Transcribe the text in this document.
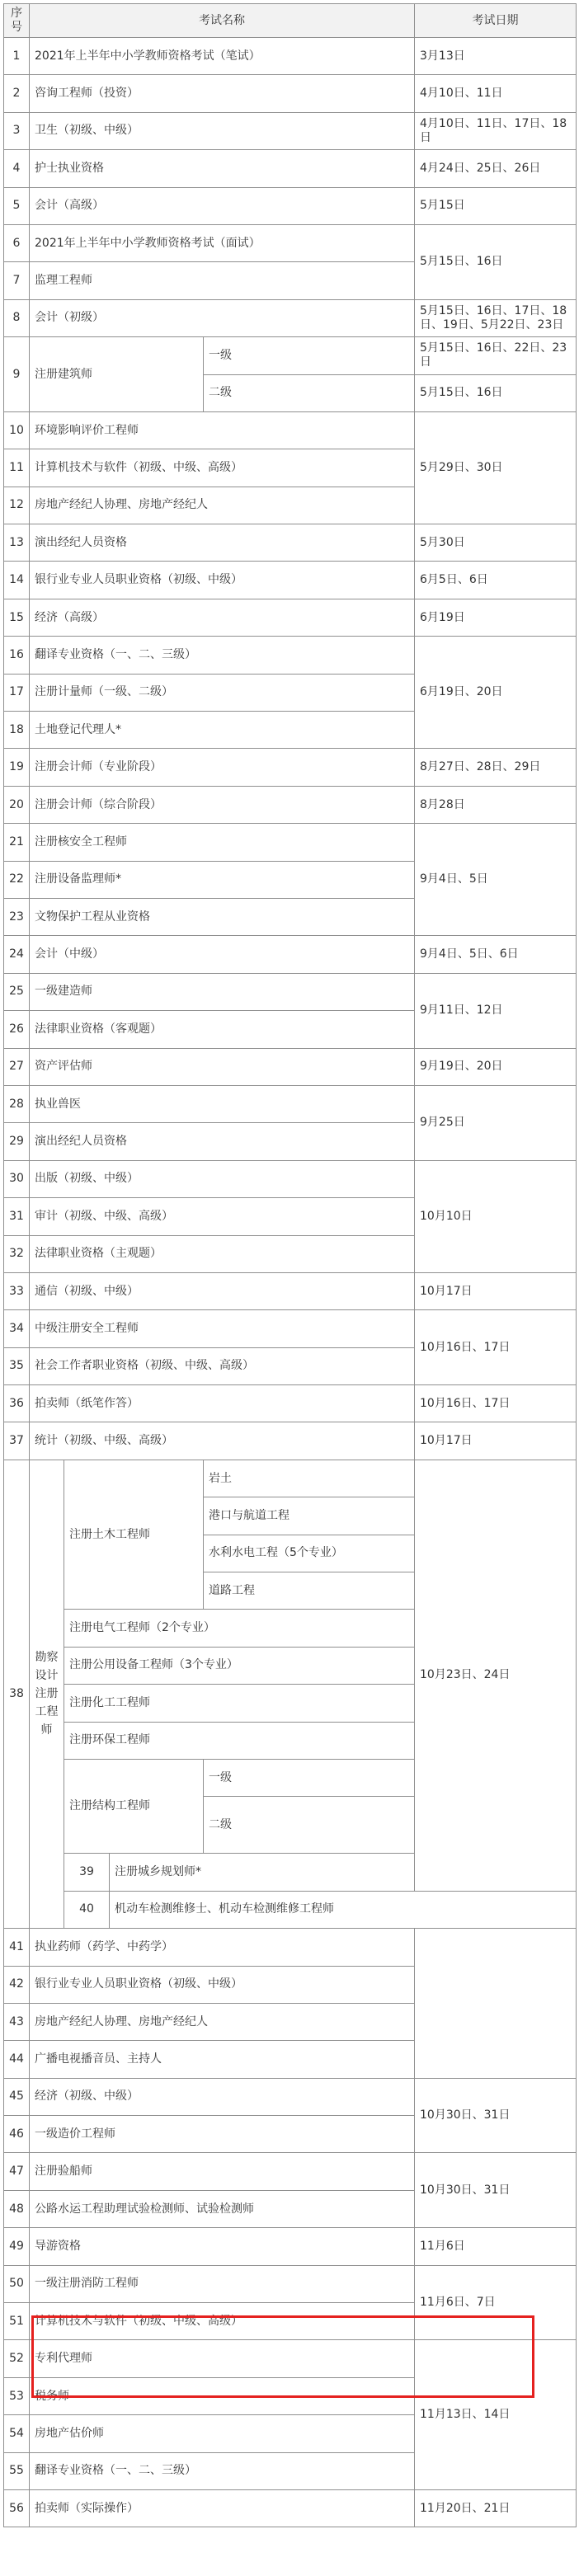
序号	考试名称				考试日期	
1	2021年上半年中小学教师资格考试（笔试）				3月13日	
2	咨询工程师（投资）				4月10日、11日	
3	卫生（初级、中级）				4月10日、11日、17日、18日	
4	护士执业资格				4月24日、25日、26日	
5	会计（高级）				5月15日	
6	2021年上半年中小学教师资格考试（面试）				5月15日、16日	
7	监理工程师					
8	会计（初级）				5月15日、16日、17日、18日、19日、5月22日、23日	
9	注册建筑师			一级	5月15日、16日、22日、23日	
				二级	5月15日、16日	
10	环境影响评价工程师				5月29日、30日	
11	计算机技术与软件（初级、中级、高级）					
12	房地产经纪人协理、房地产经纪人					
13	演出经纪人员资格				5月30日	
14	银行业专业人员职业资格（初级、中级）				6月5日、6日	
15	经济（高级）				6月19日	
16	翻译专业资格（一、二、三级）				6月19日、20日	
17	注册计量师（一级、二级）					
18	土地登记代理人*					
19	注册会计师（专业阶段）				8月27日、28日、29日	
20	注册会计师（综合阶段）				8月28日	
21	注册核安全工程师				9月4日、5日	
22	注册设备监理师*					
23	文物保护工程从业资格					
24	会计（中级）				9月4日、5日、6日	
25	一级建造师				9月11日、12日	
26	法律职业资格（客观题）					
27	资产评估师				9月19日、20日	
28	执业兽医				9月25日	
29	演出经纪人员资格					
30	出版（初级、中级）				10月10日	
31	审计（初级、中级、高级）					
32	法律职业资格（主观题）					
33	通信（初级、中级）				10月17日	
34	中级注册安全工程师				10月16日、17日	
35	社会工作者职业资格（初级、中级、高级）					
36	拍卖师（纸笔作答）				10月16日、17日	
37	统计（初级、中级、高级）				10月17日	
38	勘察设计注册工程师	注册土木工程师		岩土	10月23日、24日	
				港口与航道工程		
				水利水电工程（5个专业）		
				道路工程		
		注册电气工程师（2个专业）				
		注册公用设备工程师（3个专业）				
		注册化工工程师				
		注册环保工程师				
		注册结构工程师		一级		
				二级	
		39	注册城乡规划师*	
		40	机动车检测维修士、机动车检测维修工程师			
41	执业药师（药学、中药学）					
42	银行业专业人员职业资格（初级、中级）					
43	房地产经纪人协理、房地产经纪人					
44	广播电视播音员、主持人					
45	经济（初级、中级）				10月30日、31日	
46	一级造价工程师					
47	注册验船师				10月30日、31日	
48	公路水运工程助理试验检测师、试验检测师					
49	导游资格				11月6日	
50	一级注册消防工程师				11月6日、7日	
51	计算机技术与软件（初级、中级、高级）					
52	专利代理师				11月13日、14日	
53	税务师					
54	房地产估价师					
55	翻译专业资格（一、二、三级）					
56	拍卖师（实际操作）				11月20日、21日	
